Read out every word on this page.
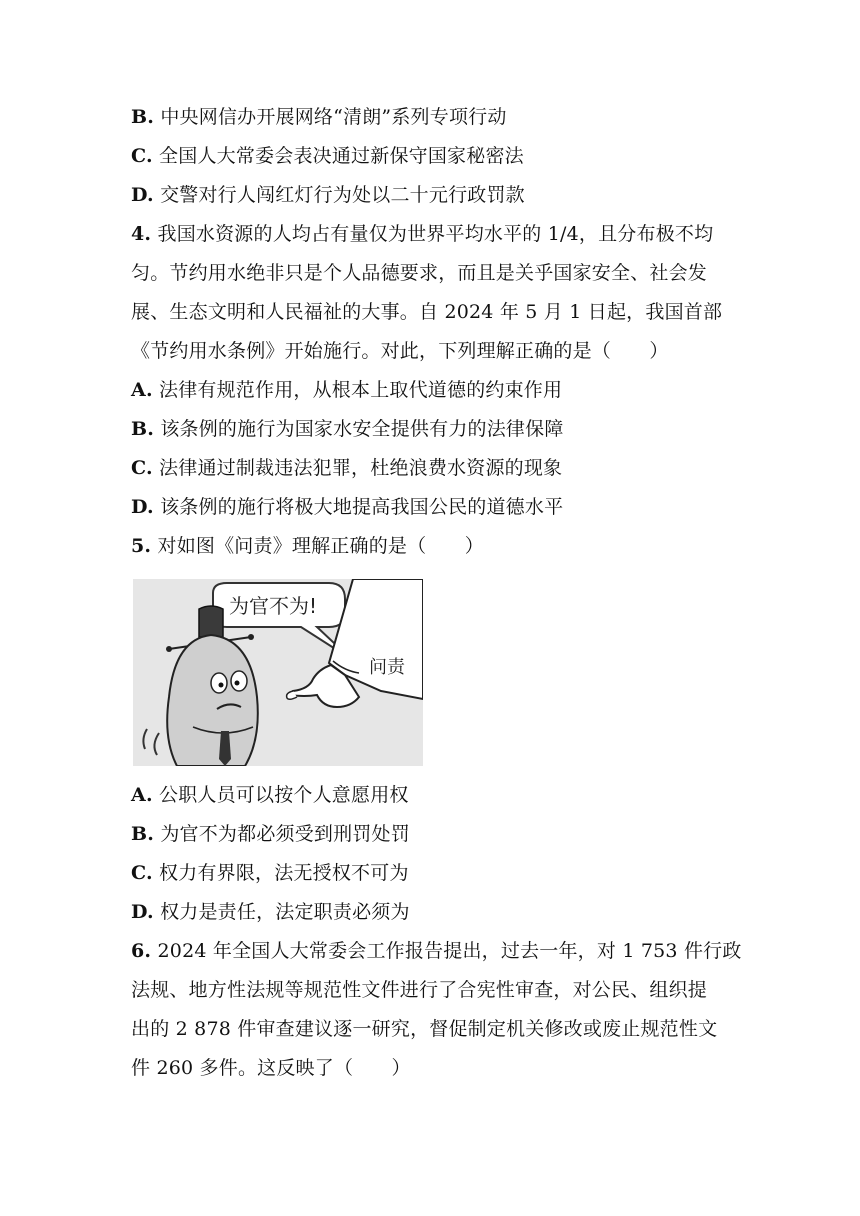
B. 中央网信办开展网络“清朗”系列专项行动
C. 全国人大常委会表决通过新保守国家秘密法
D. 交警对行人闯红灯行为处以二十元行政罚款
4. 我国水资源的人均占有量仅为世界平均水平的 1/4，且分布极不均
匀。节约用水绝非只是个人品德要求，而且是关乎国家安全、社会发
展、生态文明和人民福祉的大事。自 2024 年 5 月 1 日起，我国首部
《节约用水条例》开始施行。对此，下列理解正确的是（　　）
A. 法律有规范作用，从根本上取代道德的约束作用
B. 该条例的施行为国家水安全提供有力的法律保障
C. 法律通过制裁违法犯罪，杜绝浪费水资源的现象
D. 该条例的施行将极大地提高我国公民的道德水平
5. 对如图《问责》理解正确的是（　　）
为官不为!
问责
A. 公职人员可以按个人意愿用权
B. 为官不为都必须受到刑罚处罚
C. 权力有界限，法无授权不可为
D. 权力是责任，法定职责必须为
6. 2024 年全国人大常委会工作报告提出，过去一年，对 1 753 件行政
法规、地方性法规等规范性文件进行了合宪性审查，对公民、组织提
出的 2 878 件审查建议逐一研究，督促制定机关修改或废止规范性文
件 260 多件。这反映了（　　）
